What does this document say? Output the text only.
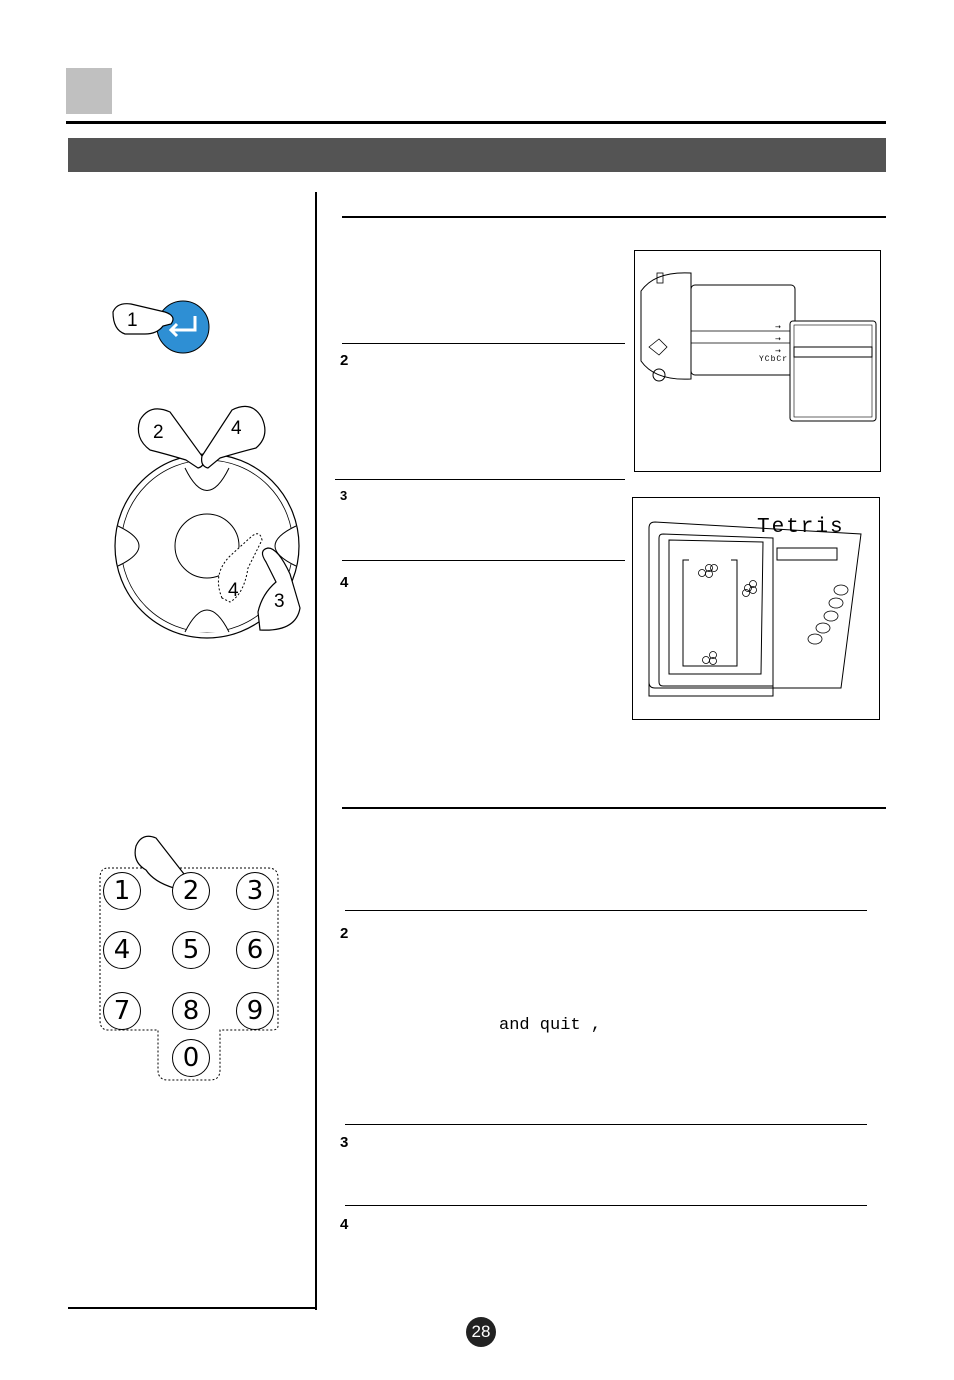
1
2	4
4
3
1	2	3
4	5	6
7	8	9
0
2
3
4
→
→
→
YCbCr
Tetris
2
and quit ,
3
4
28
